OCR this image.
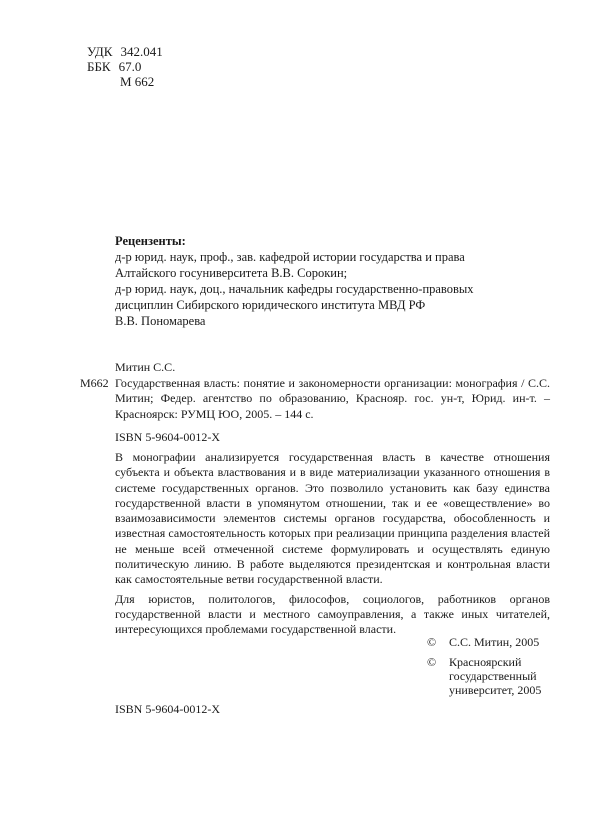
УДК 342.041
ББК 67.0
М 662

Рецензенты:

д-р юрид. наук, проф., зав. кафедрой истории государства и права

Алтайского госуниверситета В.В. Сорокин;

д-р юрид. наук, доц., начальник кафедры государственно-правовых

дисциплин Сибирского юридического института МВД РФ

В.В. Пономарева

Митин С.С.
М662 Государственная власть: понятие и закономерности организации: монография / С.С. Митин; Федер. агентство по образованию, Краснояр. гос. ун-т, Юрид. ин-т. – Красноярск: РУМЦ ЮО, 2005. – 144 с.
ISBN 5-9604-0012-X

В монографии анализируется государственная власть в качестве отношения субъекта и объекта властвования и в виде материализации указанного отношения в системе государственных органов. Это позволило установить как базу единства государственной власти в упомянутом отношении, так и ее «овеществление» во взаимозависимости элементов системы органов государства, обособленность и известная самостоятельность которых при реализации принципа разделения властей не меньше всей отмеченной системе формулировать и осуществлять единую политическую линию. В работе выделяются президентская и контрольная власти как самостоятельные ветви государственной власти.

Для юристов, политологов, философов, социологов, работников органов государственной власти и местного самоуправления, а также иных читателей, интересующихся проблемами государственной власти.

©	С.С. Митин, 2005
©	Красноярский
государственный
университет, 2005
ISBN 5-9604-0012-X
